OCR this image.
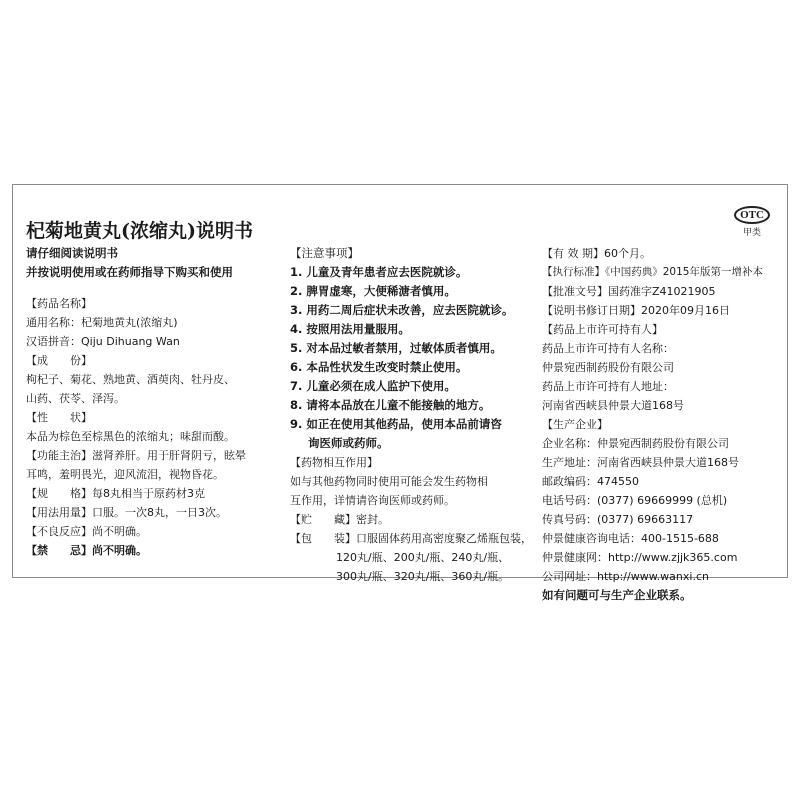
杞菊地黄丸(浓缩丸)说明书
OTC
甲类
请仔细阅读说明书
并按说明使用或在药师指导下购买和使用
【药品名称】
通用名称：杞菊地黄丸(浓缩丸)
汉语拼音：Qiju Dihuang Wan
【成　　份】
枸杞子、菊花、熟地黄、酒萸肉、牡丹皮、
山药、茯苓、泽泻。
【性　　状】
本品为棕色至棕黑色的浓缩丸；味甜而酸。
【功能主治】滋肾养肝。用于肝肾阴亏，眩晕
耳鸣，羞明畏光，迎风流泪，视物昏花。
【规　　格】每8丸相当于原药材3克
【用法用量】口服。一次8丸，一日3次。
【不良反应】尚不明确。
【禁　　忌】尚不明确。
【注意事项】
1. 儿童及青年患者应去医院就诊。
2. 脾胃虚寒，大便稀溏者慎用。
3. 用药二周后症状未改善，应去医院就诊。
4. 按照用法用量服用。
5. 对本品过敏者禁用，过敏体质者慎用。
6. 本品性状发生改变时禁止使用。
7. 儿童必须在成人监护下使用。
8. 请将本品放在儿童不能接触的地方。
9. 如正在使用其他药品，使用本品前请咨
询医师或药师。
【药物相互作用】
如与其他药物同时使用可能会发生药物相
互作用，详情请咨询医师或药师。
【贮　　藏】密封。
【包　　装】口服固体药用高密度聚乙烯瓶包装，
120丸/瓶、200丸/瓶、240丸/瓶、
300丸/瓶、320丸/瓶、360丸/瓶。
【有 效 期】60个月。
【执行标准】《中国药典》2015年版第一增补本
【批准文号】国药准字Z41021905
【说明书修订日期】2020年09月16日
【药品上市许可持有人】
药品上市许可持有人名称：
仲景宛西制药股份有限公司
药品上市许可持有人地址：
河南省西峡县仲景大道168号
【生产企业】
企业名称：仲景宛西制药股份有限公司
生产地址：河南省西峡县仲景大道168号
邮政编码：474550
电话号码：(0377) 69669999 (总机)
传真号码：(0377) 69663117
仲景健康咨询电话：400-1515-688
仲景健康网：http://www.zjjk365.com
公司网址：http://www.wanxi.cn
如有问题可与生产企业联系。
